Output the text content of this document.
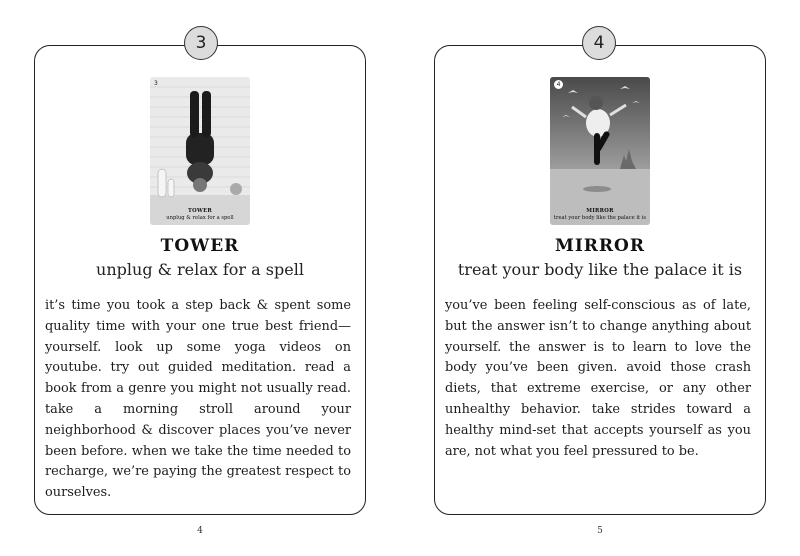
3
3
TOWER
unplug & relax for a spell
TOWER
unplug & relax for a spell
it’s time you took a step back & spent some quality time with your one true best friend—yourself. look up some yoga videos on youtube. try out guided meditation. read a book from a genre you might not usually read. take a morning stroll around your neighborhood & discover places you’ve never been before. when we take the time needed to recharge, we’re paying the greatest respect to ourselves.
4
4
4
MIRROR
treat your body like the palace it is
MIRROR
treat your body like the palace it is
you’ve been feeling self-conscious as of late, but the answer isn’t to change anything about yourself. the answer is to learn to love the body you’ve been given. avoid those crash diets, that extreme exercise, or any other unhealthy behavior. take strides toward a healthy mind-set that accepts yourself as you are, not what you feel pressured to be.
5
